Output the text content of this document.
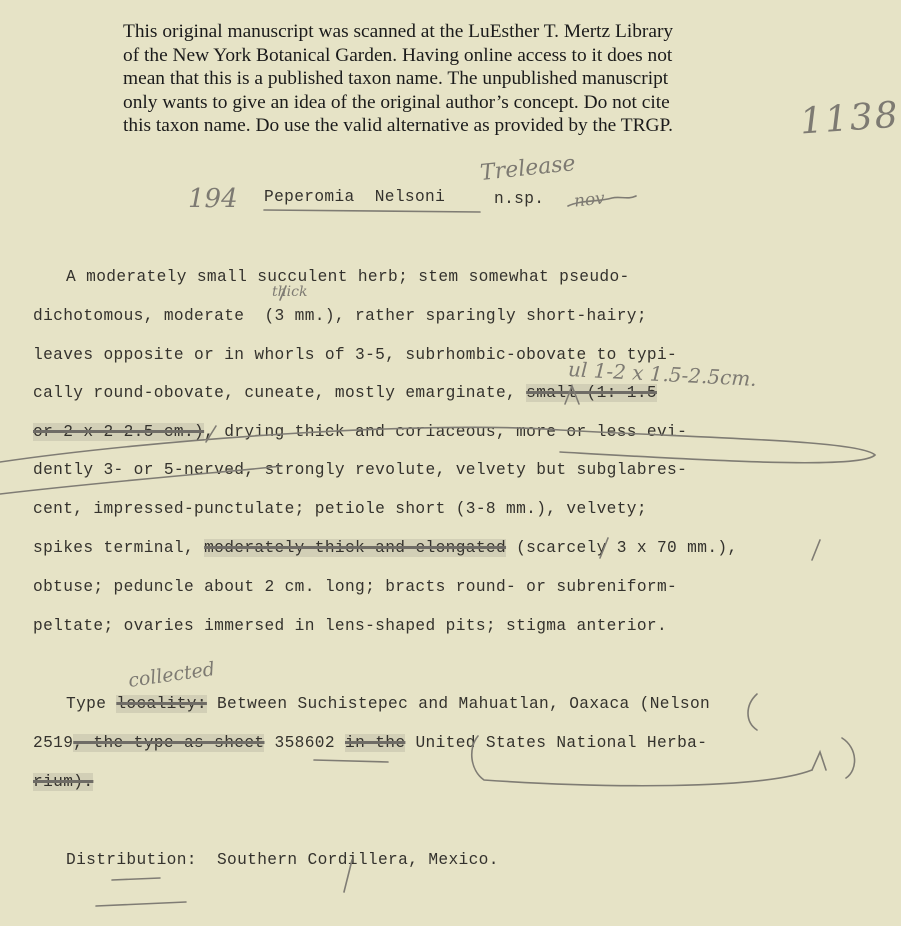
This original manuscript was scanned at the LuEsther T. Mertz Library
of the New York Botanical Garden. Having online access to it does not
mean that this is a published taxon name. The unpublished manuscript
only wants to give an idea of the original author’s concept. Do not cite
this taxon name. Do use the valid alternative as provided by the TRGP.	1138
194 Peperomia  Nelsoni
Trelease
n.sp. nov
thick
ul 1-2 x 1.5-2.5cm.
collected
A moderately small succulent herb; stem somewhat pseudo-
dichotomous, moderate  (3 mm.), rather sparingly short-hairy;
leaves opposite or in whorls of 3-5, subrhombic-obovate to typi-
cally round-obovate, cuneate, mostly emarginate, small (1: 1.5
or 2 x 2-2.5 cm.), drying thick and coriaceous, more or less evi-
dently 3- or 5-nerved, strongly revolute, velvety but subglabres-
cent, impressed-punctulate; petiole short (3-8 mm.), velvety;
spikes terminal, moderately thick and elongated (scarcely 3 x 70 mm.),
obtuse; peduncle about 2 cm. long; bracts round- or subreniform-
peltate; ovaries immersed in lens-shaped pits; stigma anterior.
Type locality: Between Suchistepec and Mahuatlan, Oaxaca (Nelson
2519, the type as sheet 358602 in the United States National Herba-
rium).
Distribution:  Southern Cordillera, Mexico.
